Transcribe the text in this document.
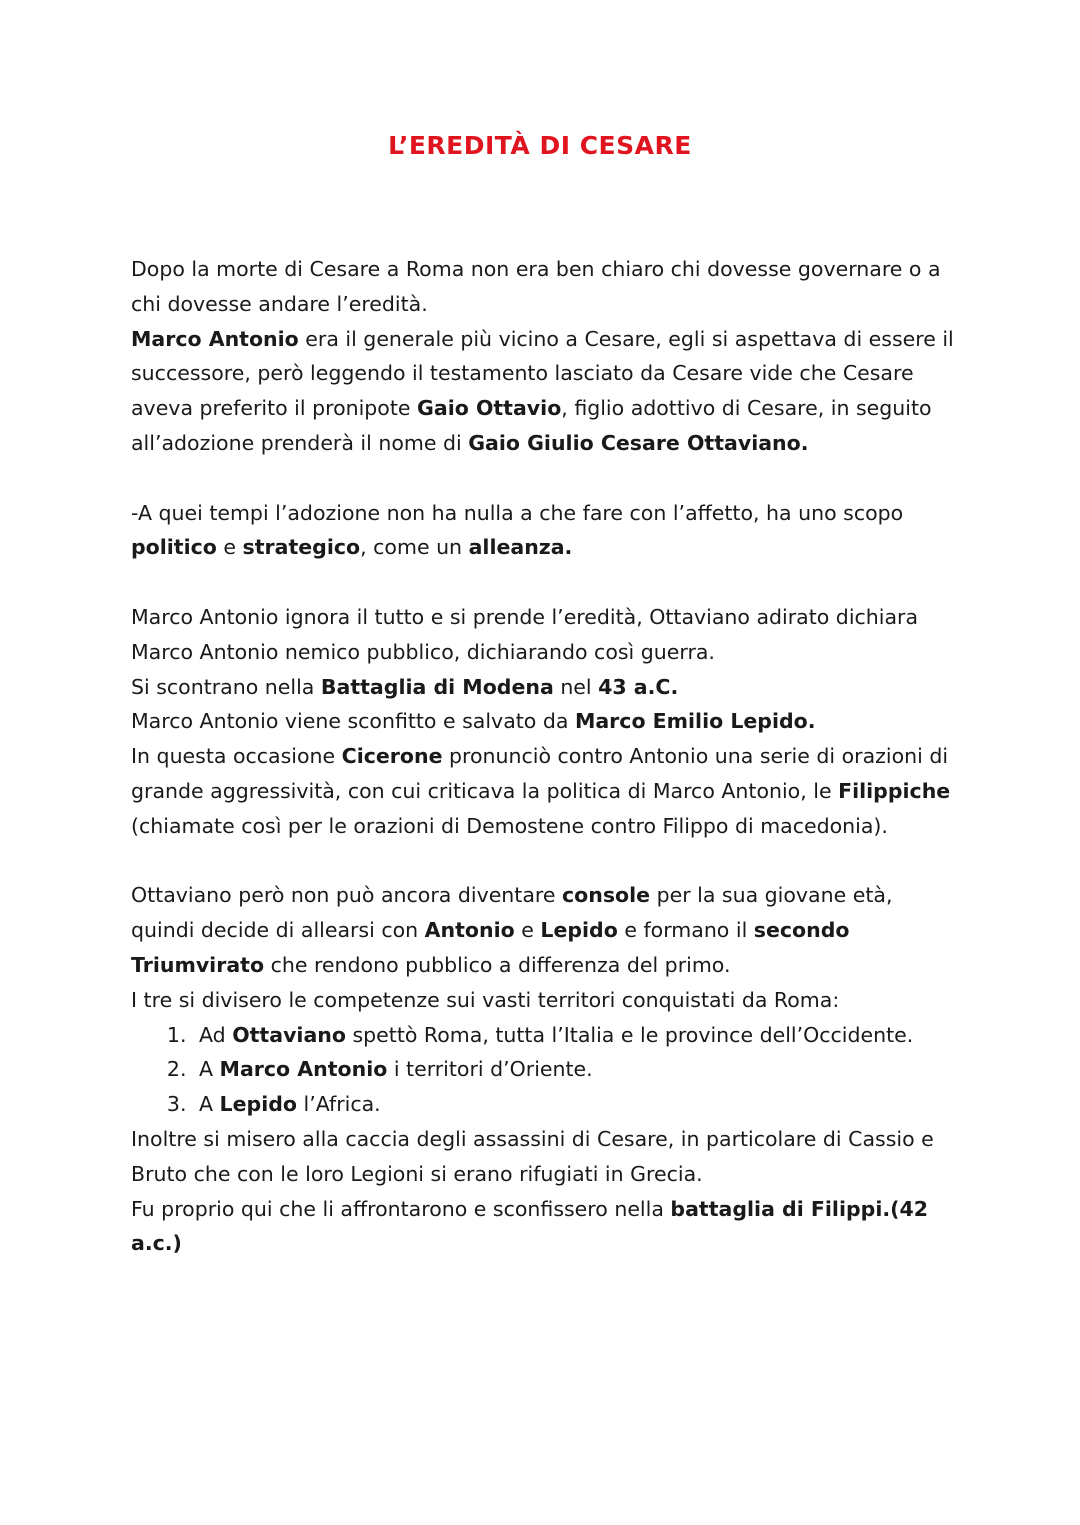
L’EREDITÀ DI CESARE

Dopo la morte di Cesare a Roma non era ben chiaro chi dovesse governare o a chi dovesse andare l’eredità.

Marco Antonio era il generale più vicino a Cesare, egli si aspettava di essere il successore, però leggendo il testamento lasciato da Cesare vide che Cesare aveva preferito il pronipote Gaio Ottavio, figlio adottivo di Cesare, in seguito all’adozione prenderà il nome di Gaio Giulio Cesare Ottaviano.

-A quei tempi l’adozione non ha nulla a che fare con l’affetto, ha uno scopo politico e strategico, come un alleanza.

Marco Antonio ignora il tutto e si prende l’eredità, Ottaviano adirato dichiara Marco Antonio nemico pubblico, dichiarando così guerra.

Si scontrano nella Battaglia di Modena nel 43 a.C.

Marco Antonio viene sconfitto e salvato da Marco Emilio Lepido.

In questa occasione Cicerone pronunciò contro Antonio una serie di orazioni di grande aggressività, con cui criticava la politica di Marco Antonio, le Filippiche (chiamate così per le orazioni di Demostene contro Filippo di macedonia).

Ottaviano però non può ancora diventare console per la sua giovane età, quindi decide di allearsi con Antonio e Lepido e formano il secondo Triumvirato che rendono pubblico a differenza del primo.

I tre si divisero le competenze sui vasti territori conquistati da Roma:

1. Ad Ottaviano spettò Roma, tutta l’Italia e le province dell’Occidente.
2. A Marco Antonio i territori d’Oriente.
3. A Lepido l’Africa.

Inoltre si misero alla caccia degli assassini di Cesare, in particolare di Cassio e Bruto che con le loro Legioni si erano rifugiati in Grecia.

Fu proprio qui che li affrontarono e sconfissero nella battaglia di Filippi.(42 a.c.)
